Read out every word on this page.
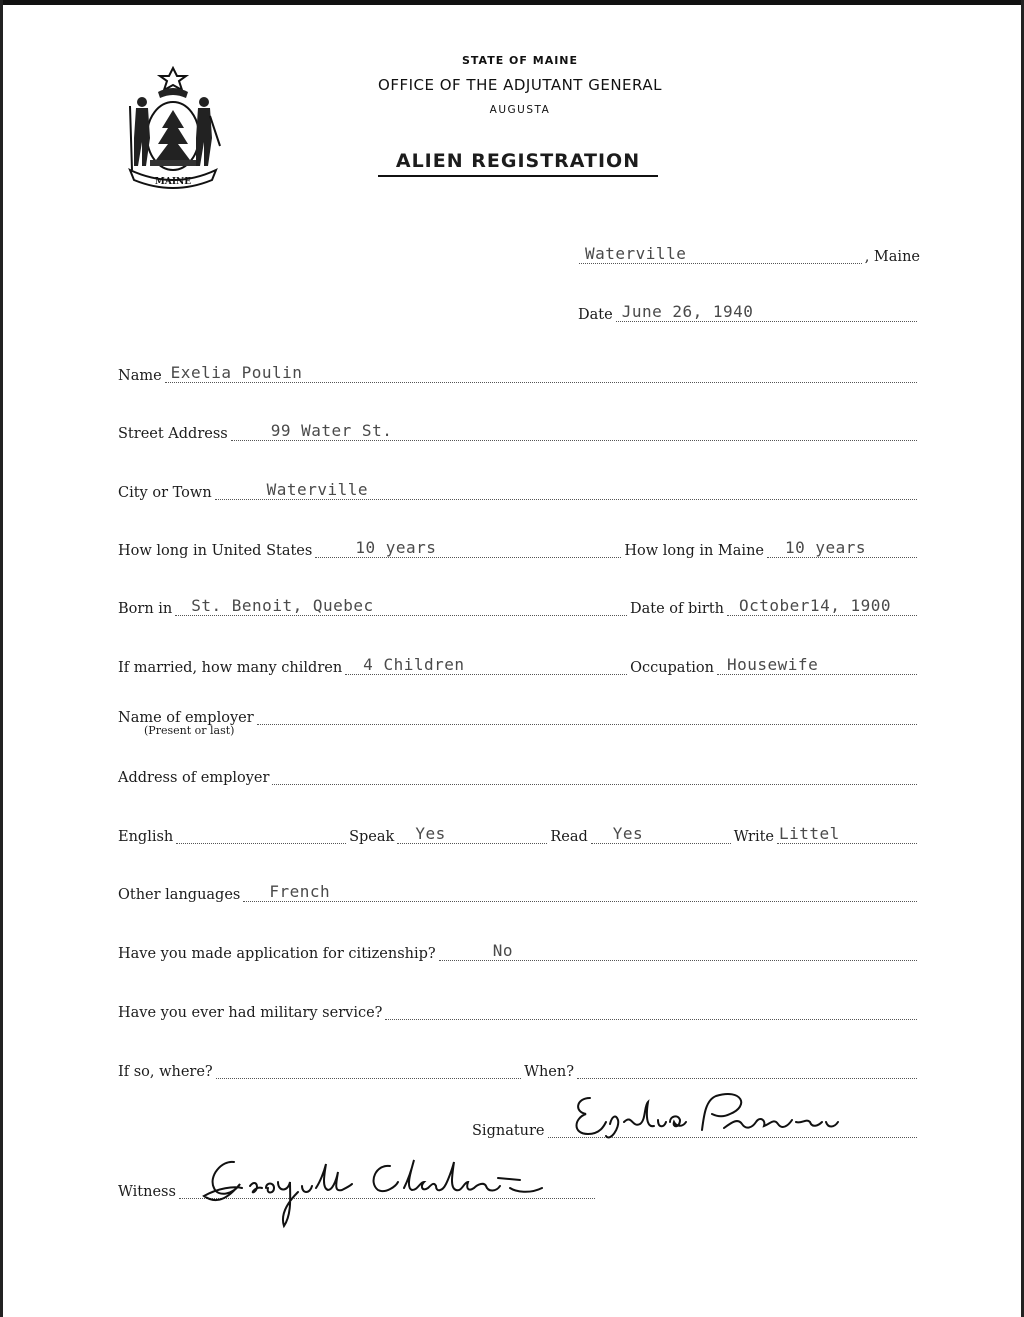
MAINE
STATE OF MAINE
OFFICE OF THE ADJUTANT GENERAL
AUGUSTA
ALIEN REGISTRATION
Waterville	, Maine
Date June 26, 1940
Name Exelia Poulin
Street Address	99 Water St.
City or Town	Waterville
How long in United States	10 years	How long in Maine 10 years
Born in St. Benoit, Quebec	Date of birth October14, 1900
If married, how many children 4 Children	Occupation Housewife
Name of employer
(Present or last)
Address of employer
English	Speak Yes	Read Yes	Write Littel
Other languages French
Have you made application for citizenship?	No
Have you ever had military service?
If so, where?	When?
Signature
Witness
